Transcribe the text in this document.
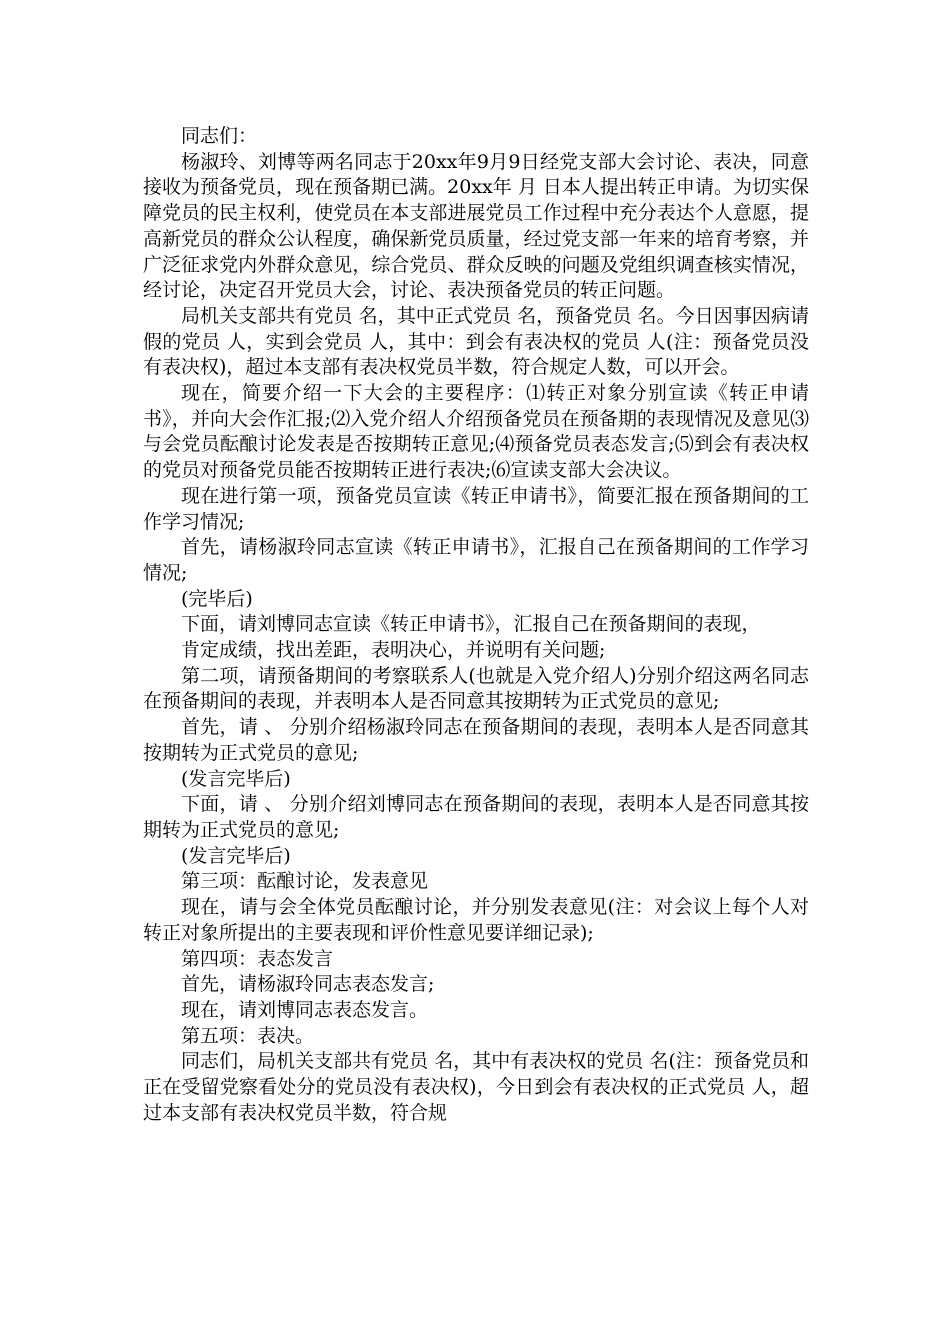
同志们：

杨淑玲、刘博等两名同志于20xx年9月9日经党支部大会讨论、表决，同意接收为预备党员，现在预备期已满。20xx年 月 日本人提出转正申请。为切实保障党员的民主权利，使党员在本支部进展党员工作过程中充分表达个人意愿，提高新党员的群众公认程度，确保新党员质量，经过党支部一年来的培育考察，并广泛征求党内外群众意见，综合党员、群众反映的问题及党组织调查核实情况，经讨论，决定召开党员大会，讨论、表决预备党员的转正问题。

局机关支部共有党员 名，其中正式党员 名，预备党员 名。今日因事因病请假的党员 人，实到会党员 人，其中：到会有表决权的党员 人(注：预备党员没有表决权)，超过本支部有表决权党员半数，符合规定人数，可以开会。

现在，简要介绍一下大会的主要程序：⑴转正对象分别宣读《转正申请书》，并向大会作汇报;⑵入党介绍人介绍预备党员在预备期的表现情况及意见⑶与会党员酝酿讨论发表是否按期转正意见;⑷预备党员表态发言;⑸到会有表决权的党员对预备党员能否按期转正进行表决;⑹宣读支部大会决议。

现在进行第一项，预备党员宣读《转正申请书》，简要汇报在预备期间的工作学习情况;

首先，请杨淑玲同志宣读《转正申请书》，汇报自己在预备期间的工作学习情况;

(完毕后)

下面，请刘博同志宣读《转正申请书》，汇报自己在预备期间的表现，

肯定成绩，找出差距，表明决心，并说明有关问题;

第二项，请预备期间的考察联系人(也就是入党介绍人)分别介绍这两名同志在预备期间的表现，并表明本人是否同意其按期转为正式党员的意见;

首先，请 、 分别介绍杨淑玲同志在预备期间的表现，表明本人是否同意其按期转为正式党员的意见;

(发言完毕后)

下面，请 、 分别介绍刘博同志在预备期间的表现，表明本人是否同意其按期转为正式党员的意见;

(发言完毕后)

第三项：酝酿讨论，发表意见

现在，请与会全体党员酝酿讨论，并分别发表意见(注：对会议上每个人对转正对象所提出的主要表现和评价性意见要详细记录);

第四项：表态发言

首先，请杨淑玲同志表态发言;

现在，请刘博同志表态发言。

第五项：表决。

同志们，局机关支部共有党员 名，其中有表决权的党员 名(注：预备党员和正在受留党察看处分的党员没有表决权)，今日到会有表决权的正式党员 人，超过本支部有表决权党员半数，符合规
